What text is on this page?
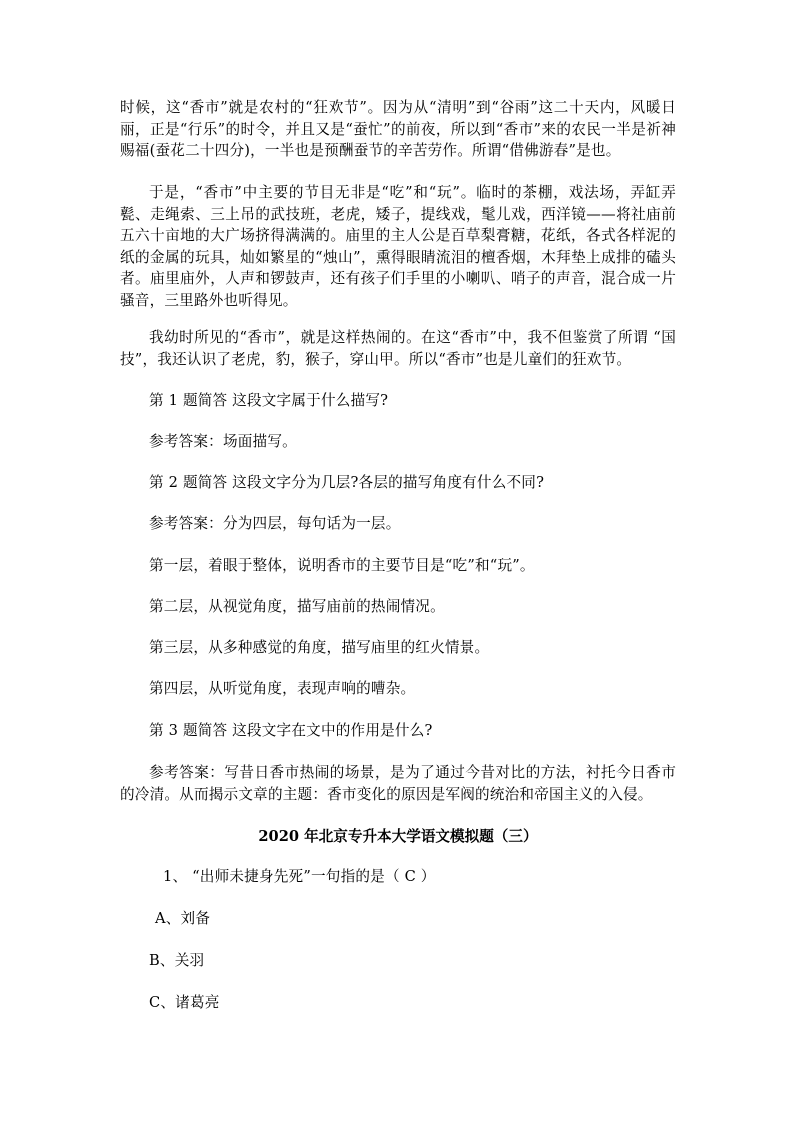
时候，这“香市”就是农村的“狂欢节”。因为从“清明”到“谷雨”这二十天内，风暖日丽，正是“行乐”的时令，并且又是“蚕忙”的前夜，所以到“香市”来的农民一半是祈神赐福(蚕花二十四分)，一半也是预酬蚕节的辛苦劳作。所谓“借佛游春”是也。

于是，“香市”中主要的节目无非是“吃”和“玩”。临时的茶棚，戏法场，弄缸弄甏、走绳索、三上吊的武技班，老虎，矮子，提线戏，髦儿戏，西洋镜——将社庙前五六十亩地的大广场挤得满满的。庙里的主人公是百草梨膏糖，花纸，各式各样泥的纸的金属的玩具，灿如繁星的“烛山”，熏得眼睛流泪的檀香烟，木拜垫上成排的磕头者。庙里庙外，人声和锣鼓声，还有孩子们手里的小喇叭、哨子的声音，混合成一片骚音，三里路外也听得见。

我幼时所见的“香市”，就是这样热闹的。在这“香市”中，我不但鉴赏了所谓 “国技”，我还认识了老虎，豹，猴子，穿山甲。所以“香市”也是儿童们的狂欢节。

第 1 题简答 这段文字属于什么描写?

参考答案：场面描写。

第 2 题简答 这段文字分为几层?各层的描写角度有什么不同?

参考答案：分为四层，每句话为一层。

第一层，着眼于整体，说明香市的主要节目是“吃”和“玩”。

第二层，从视觉角度，描写庙前的热闹情况。

第三层，从多种感觉的角度，描写庙里的红火情景。

第四层，从听觉角度，表现声响的嘈杂。

第 3 题简答 这段文字在文中的作用是什么?

参考答案：写昔日香市热闹的场景，是为了通过今昔对比的方法，衬托今日香市的冷清。从而揭示文章的主题：香市变化的原因是军阀的统治和帝国主义的入侵。

2020 年北京专升本大学语文模拟题（三）

1、 “出师未捷身先死”一句指的是（ C ）

A、刘备

B、关羽

C、诸葛亮
